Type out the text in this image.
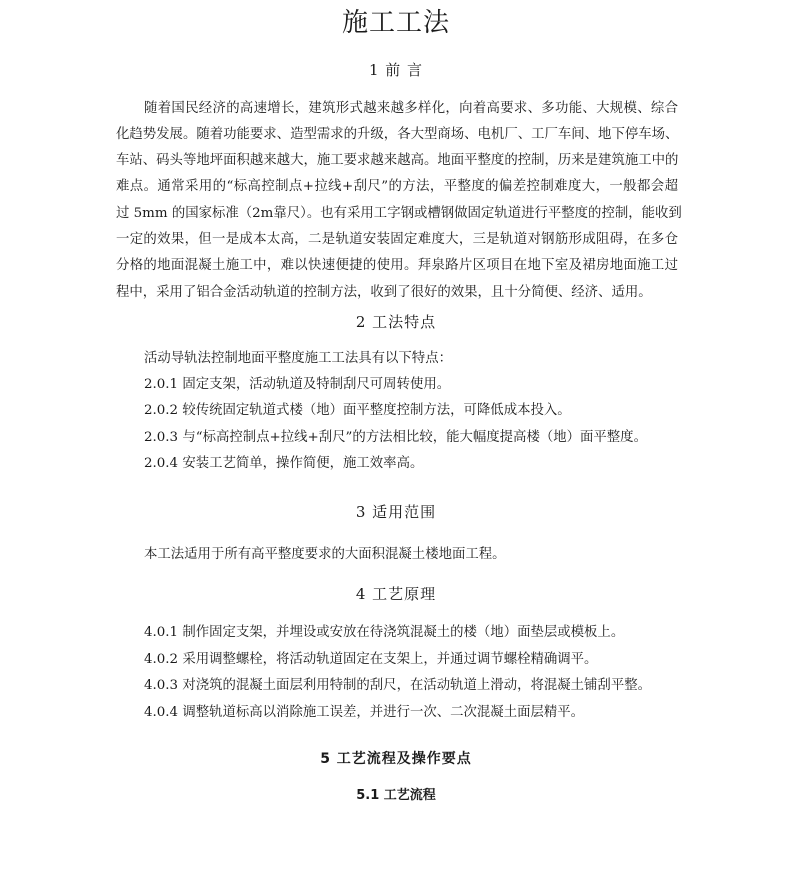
施工工法
1 前 言
随着国民经济的高速增长，建筑形式越来越多样化，向着高要求、多功能、大规模、综合
化趋势发展。随着功能要求、造型需求的升级，各大型商场、电机厂、工厂车间、地下停车场、
车站、码头等地坪面积越来越大，施工要求越来越高。地面平整度的控制，历来是建筑施工中的
难点。通常采用的“标高控制点+拉线+刮尺”的方法，平整度的偏差控制难度大，一般都会超
过 5mm 的国家标准（2m靠尺）。也有采用工字钢或槽钢做固定轨道进行平整度的控制，能收到
一定的效果，但一是成本太高，二是轨道安装固定难度大，三是轨道对钢筋形成阻碍，在多仓
分格的地面混凝土施工中，难以快速便捷的使用。拜泉路片区项目在地下室及裙房地面施工过
程中，采用了铝合金活动轨道的控制方法，收到了很好的效果，且十分简便、经济、适用。
2 工法特点
活动导轨法控制地面平整度施工工法具有以下特点：
2.0.1 固定支架，活动轨道及特制刮尺可周转使用。
2.0.2 较传统固定轨道式楼（地）面平整度控制方法，可降低成本投入。
2.0.3 与“标高控制点+拉线+刮尺”的方法相比较，能大幅度提高楼（地）面平整度。
2.0.4 安装工艺简单，操作简便，施工效率高。
3 适用范围
本工法适用于所有高平整度要求的大面积混凝土楼地面工程。
4 工艺原理
4.0.1 制作固定支架，并埋设或安放在待浇筑混凝土的楼（地）面垫层或模板上。
4.0.2 采用调整螺栓，将活动轨道固定在支架上，并通过调节螺栓精确调平。
4.0.3 对浇筑的混凝土面层利用特制的刮尺，在活动轨道上滑动，将混凝土铺刮平整。
4.0.4 调整轨道标高以消除施工误差，并进行一次、二次混凝土面层精平。
5 工艺流程及操作要点
5.1 工艺流程
